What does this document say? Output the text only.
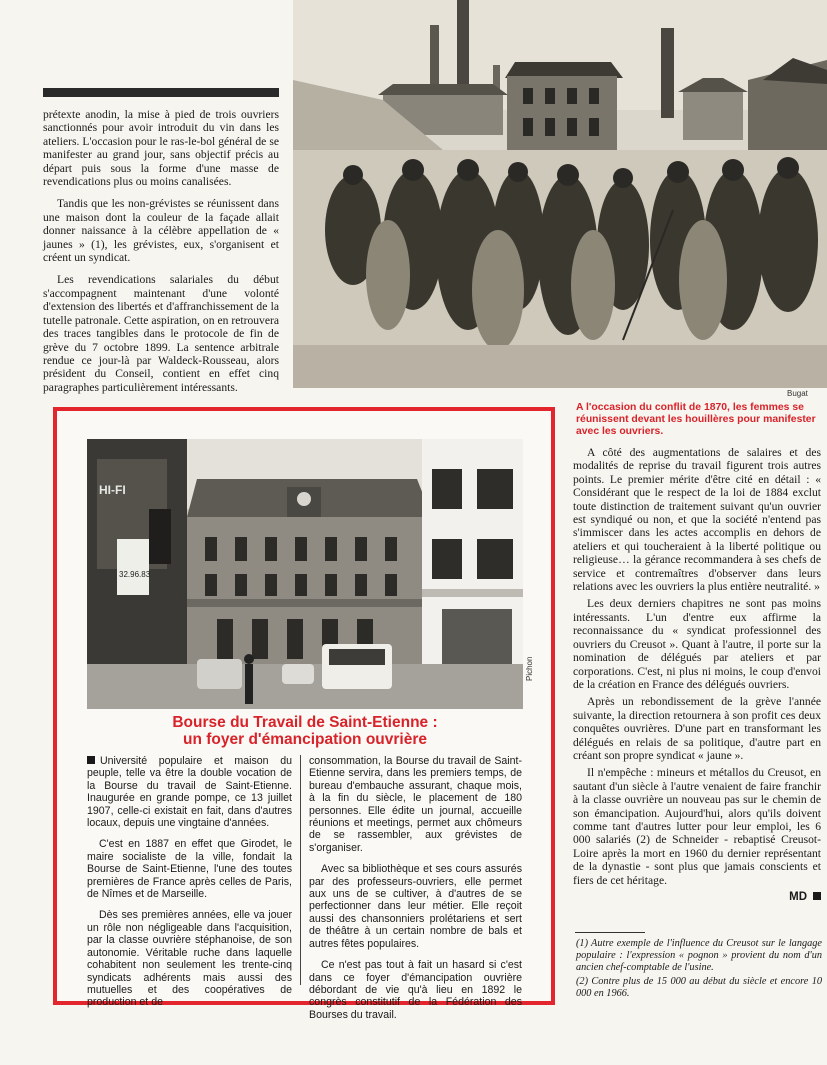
prétexte anodin, la mise à pied de trois ouvriers sanctionnés pour avoir introduit du vin dans les ateliers. L'occasion pour le ras-le-bol général de se manifester au grand jour, sans objectif précis au départ puis sous la forme d'une masse de revendications plus ou moins canalisées.

Tandis que les non-grévistes se réunissent dans une maison dont la couleur de la façade allait donner naissance à la célèbre appellation de « jaunes » (1), les grévistes, eux, s'organisent et créent un syndicat.

Les revendications salariales du début s'accompagnent maintenant d'une volonté d'extension des libertés et d'affranchissement de la tutelle patronale. Cette aspiration, on en retrouvera des traces tangibles dans le protocole de fin de grève du 7 octobre 1899. La sentence arbitrale rendue ce jour-là par Waldeck-Rousseau, alors président du Conseil, contient en effet cinq paragraphes particulièrement intéressants.	Bugat
A l'occasion du conflit de 1870, les femmes se réunissent devant les houillères pour manifester avec les ouvriers.

A côté des augmentations de salaires et des modalités de reprise du travail figurent trois autres points. Le premier mérite d'être cité en détail : « Considérant que le respect de la loi de 1884 exclut toute distinction de traitement suivant qu'un ouvrier est syndiqué ou non, et que la société n'entend pas s'immiscer dans les actes accomplis en dehors de ateliers et qui toucheraient à la liberté politique ou religieuse… la gérance recommandera à ses chefs de service et contremaîtres d'observer dans leurs relations avec les ouvriers la plus entière neutralité. »

Les deux derniers chapitres ne sont pas moins intéressants. L'un d'entre eux affirme la reconnaissance du « syndicat professionnel des ouvriers du Creusot ». Quant à l'autre, il porte sur la nomination de délégués par ateliers et par corporations. C'est, ni plus ni moins, le coup d'envoi de la création en France des délégués ouvriers.

Après un rebondissement de la grève l'année suivante, la direction retournera à son profit ces deux conquêtes ouvrières. D'une part en transformant les délégués en relais de sa politique, d'autre part en créant son propre syndicat « jaune ».

Il n'empêche : mineurs et métallos du Creusot, en sautant d'un siècle à l'autre venaient de faire franchir à la classe ouvrière un nouveau pas sur le chemin de son émancipation. Aujourd'hui, alors qu'ils doivent comme tant d'autres lutter pour leur emploi, les 6 000 salariés (2) de Schneider - rebaptisé Creusot-Loire après la mort en 1960 du dernier représentant de la dynastie - sont plus que jamais conscients et fiers de cet héritage.

MD

(1) Autre exemple de l'influence du Creusot sur le langage populaire : l'expression « pognon » provient du nom d'un ancien chef-comptable de l'usine.

(2) Contre plus de 15 000 au début du siècle et encore 10 000 en 1966.

HI-FI
32.96.83
Pichon
Bourse du Travail de Saint-Etienne :
un foyer d'émancipation ouvrière

Université populaire et maison du peuple, telle va être la double vocation de la Bourse du travail de Saint-Etienne. Inaugurée en grande pompe, ce 13 juillet 1907, celle-ci existait en fait, dans d'autres locaux, depuis une vingtaine d'années.

C'est en 1887 en effet que Girodet, le maire socialiste de la ville, fondait la Bourse de Saint-Etienne, l'une des toutes premières de France après celles de Paris, de Nîmes et de Marseille.

Dès ses premières années, elle va jouer un rôle non négligeable dans l'acquisition, par la classe ouvrière stéphanoise, de son autonomie. Véritable ruche dans laquelle cohabitent non seulement les trente-cinq syndicats adhérents mais aussi des mutuelles et des coopératives de production et de

consommation, la Bourse du travail de Saint-Etienne servira, dans les premiers temps, de bureau d'embauche assurant, chaque mois, à la fin du siècle, le placement de 180 personnes. Elle édite un journal, accueille réunions et meetings, permet aux chômeurs de se rassembler, aux grévistes de s'organiser.

Avec sa bibliothèque et ses cours assurés par des professeurs-ouvriers, elle permet aux uns de se cultiver, à d'autres de se perfectionner dans leur métier. Elle reçoit aussi des chansonniers prolétariens et sert de théâtre à un certain nombre de bals et autres fêtes populaires.

Ce n'est pas tout à fait un hasard si c'est dans ce foyer d'émancipation ouvrière débordant de vie qu'à lieu en 1892 le congrès constitutif de la Fédération des Bourses du travail.
